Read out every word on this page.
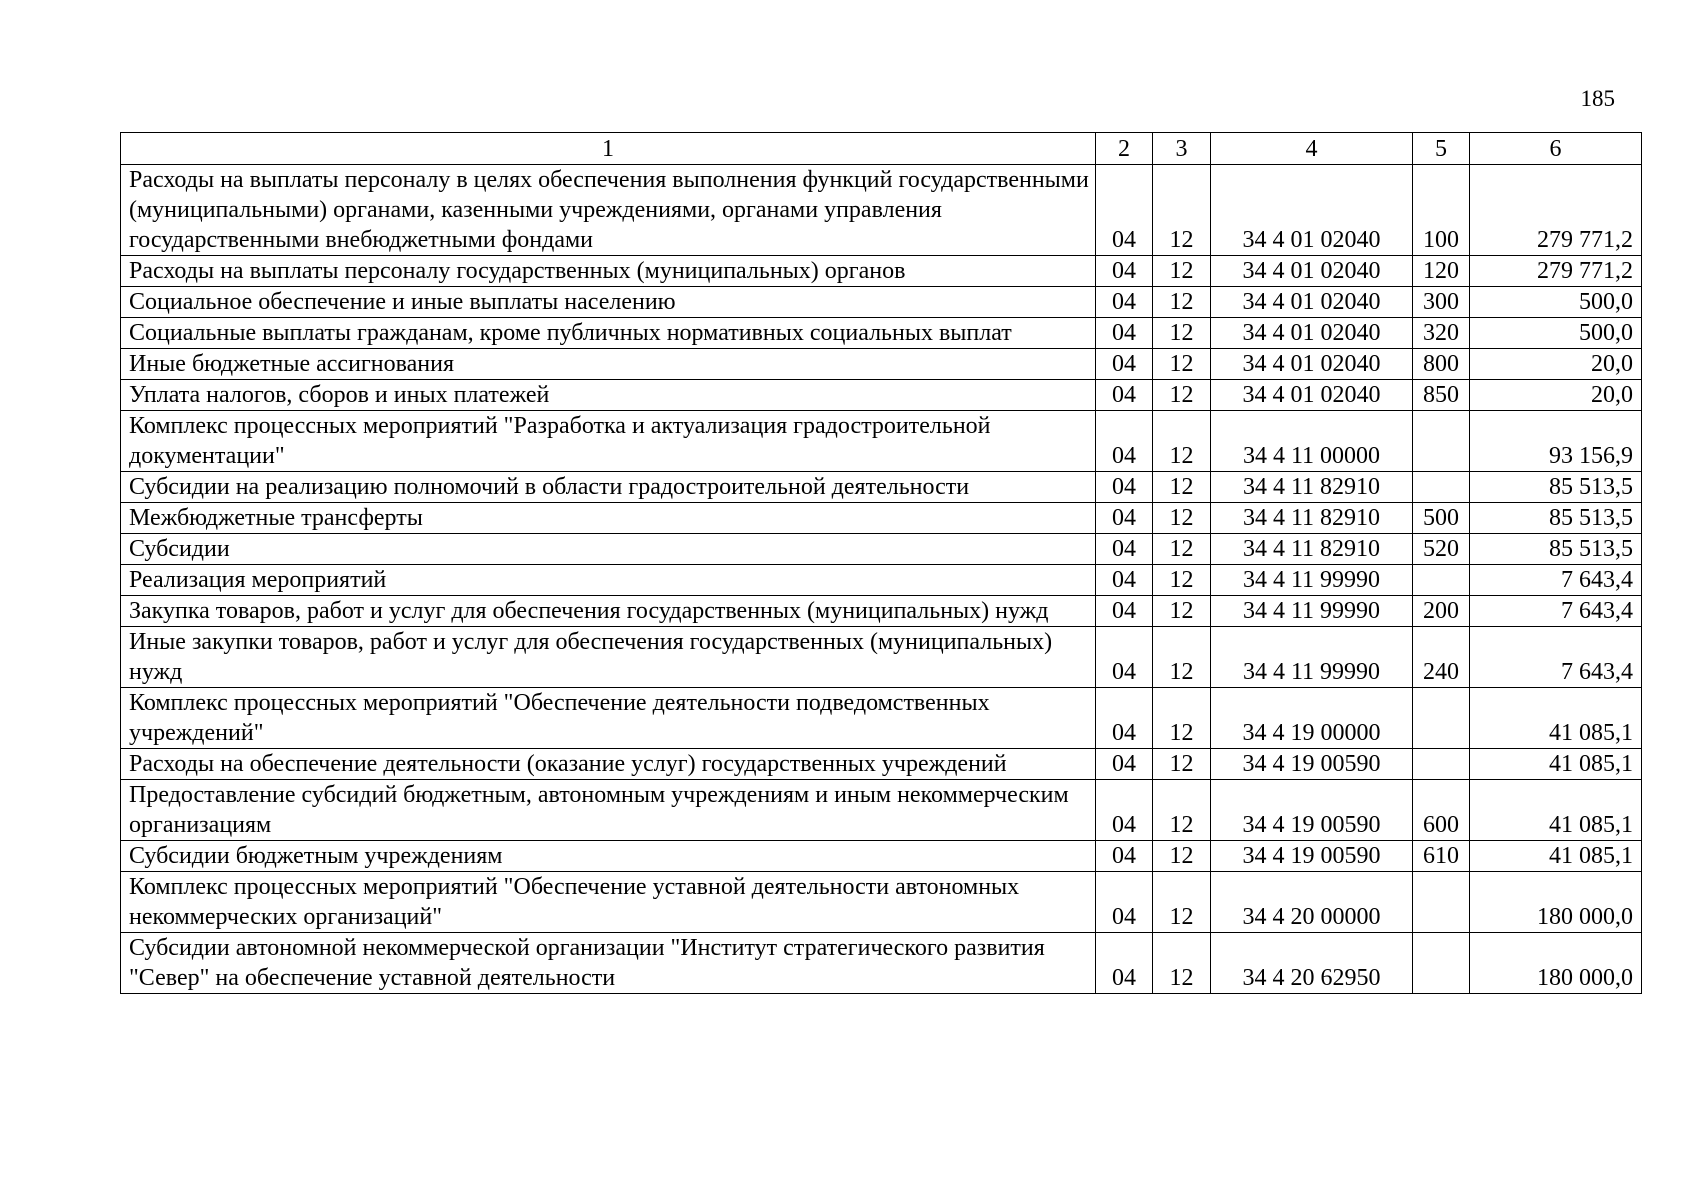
185
1	2	3	4	5	6
Расходы на выплаты персоналу в целях обеспечения выполнения функций государственными (муниципальными) органами, казенными учреждениями, органами управления государственными внебюджетными фондами	04	12	34 4 01 02040	100	279 771,2
Расходы на выплаты персоналу государственных (муниципальных) органов	04	12	34 4 01 02040	120	279 771,2
Социальное обеспечение и иные выплаты населению	04	12	34 4 01 02040	300	500,0
Социальные выплаты гражданам, кроме публичных нормативных социальных выплат	04	12	34 4 01 02040	320	500,0
Иные бюджетные ассигнования	04	12	34 4 01 02040	800	20,0
Уплата налогов, сборов и иных платежей	04	12	34 4 01 02040	850	20,0
Комплекс процессных мероприятий "Разработка и актуализация градостроительной документации"	04	12	34 4 11 00000		93 156,9
Субсидии на реализацию полномочий в области градостроительной деятельности	04	12	34 4 11 82910		85 513,5
Межбюджетные трансферты	04	12	34 4 11 82910	500	85 513,5
Субсидии	04	12	34 4 11 82910	520	85 513,5
Реализация мероприятий	04	12	34 4 11 99990		7 643,4
Закупка товаров, работ и услуг для обеспечения государственных (муниципальных) нужд	04	12	34 4 11 99990	200	7 643,4
Иные закупки товаров, работ и услуг для обеспечения государственных (муниципальных) нужд	04	12	34 4 11 99990	240	7 643,4
Комплекс процессных мероприятий "Обеспечение деятельности подведомственных учреждений"	04	12	34 4 19 00000		41 085,1
Расходы на обеспечение деятельности (оказание услуг) государственных учреждений	04	12	34 4 19 00590		41 085,1
Предоставление субсидий бюджетным, автономным учреждениям и иным некоммерческим организациям	04	12	34 4 19 00590	600	41 085,1
Субсидии бюджетным учреждениям	04	12	34 4 19 00590	610	41 085,1
Комплекс процессных мероприятий "Обеспечение уставной деятельности автономных некоммерческих организаций"	04	12	34 4 20 00000		180 000,0
Субсидии автономной некоммерческой организации "Институт стратегического развития "Север" на обеспечение уставной деятельности	04	12	34 4 20 62950		180 000,0
